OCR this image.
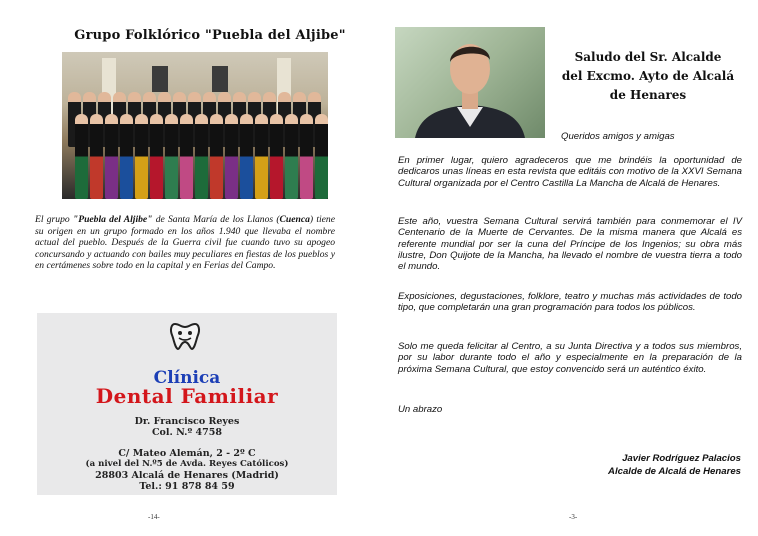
Grupo Folklórico "Puebla del Aljibe"
El grupo "Puebla del Aljibe" de Santa María de los Llanos (Cuenca) tiene su origen en un grupo formado en los años 1.940 que llevaba el nombre actual del pueblo. Después de la Guerra civil fue cuando tuvo su apogeo concursando y actuando con bailes muy peculiares en fiestas de los pueblos y en certámenes sobre todo en la capital y en Ferias del Campo.
Clínica
Dental Familiar
Dr. Francisco Reyes
Col. N.º 4758
C/ Mateo Alemán, 2 - 2º C
(a nivel del N.º5 de Avda. Reyes Católicos)
28803 Alcalá de Henares (Madrid)
Tel.: 91 878 84 59
-14-
Saludo del Sr. Alcalde
del Excmo. Ayto de Alcalá
de Henares
Queridos amigos y amigas
En primer lugar, quiero agradeceros que me brindéis la oportunidad de dedicaros unas líneas en esta revista que editáis con motivo de la XXVI Semana Cultural organizada por el Centro Castilla La Mancha de Alcalá de Henares.
Este año, vuestra Semana Cultural servirá también para conmemorar el IV Centenario de la Muerte de Cervantes. De la misma manera que Alcalá es referente mundial por ser la cuna del Príncipe de los Ingenios; su obra más ilustre, Don Quijote de la Mancha, ha llevado el nombre de vuestra tierra a todo el mundo.
Exposiciones, degustaciones, folklore, teatro y muchas más actividades de todo tipo, que completarán una gran programación para todos los públicos.
Solo me queda felicitar al Centro, a su Junta Directiva y a todos sus miembros, por su labor durante todo el año y especialmente en la preparación de la próxima Semana Cultural, que estoy convencido será un auténtico éxito.
Un abrazo
Javier Rodríguez Palacios
Alcalde de Alcalá de Henares
-3-
